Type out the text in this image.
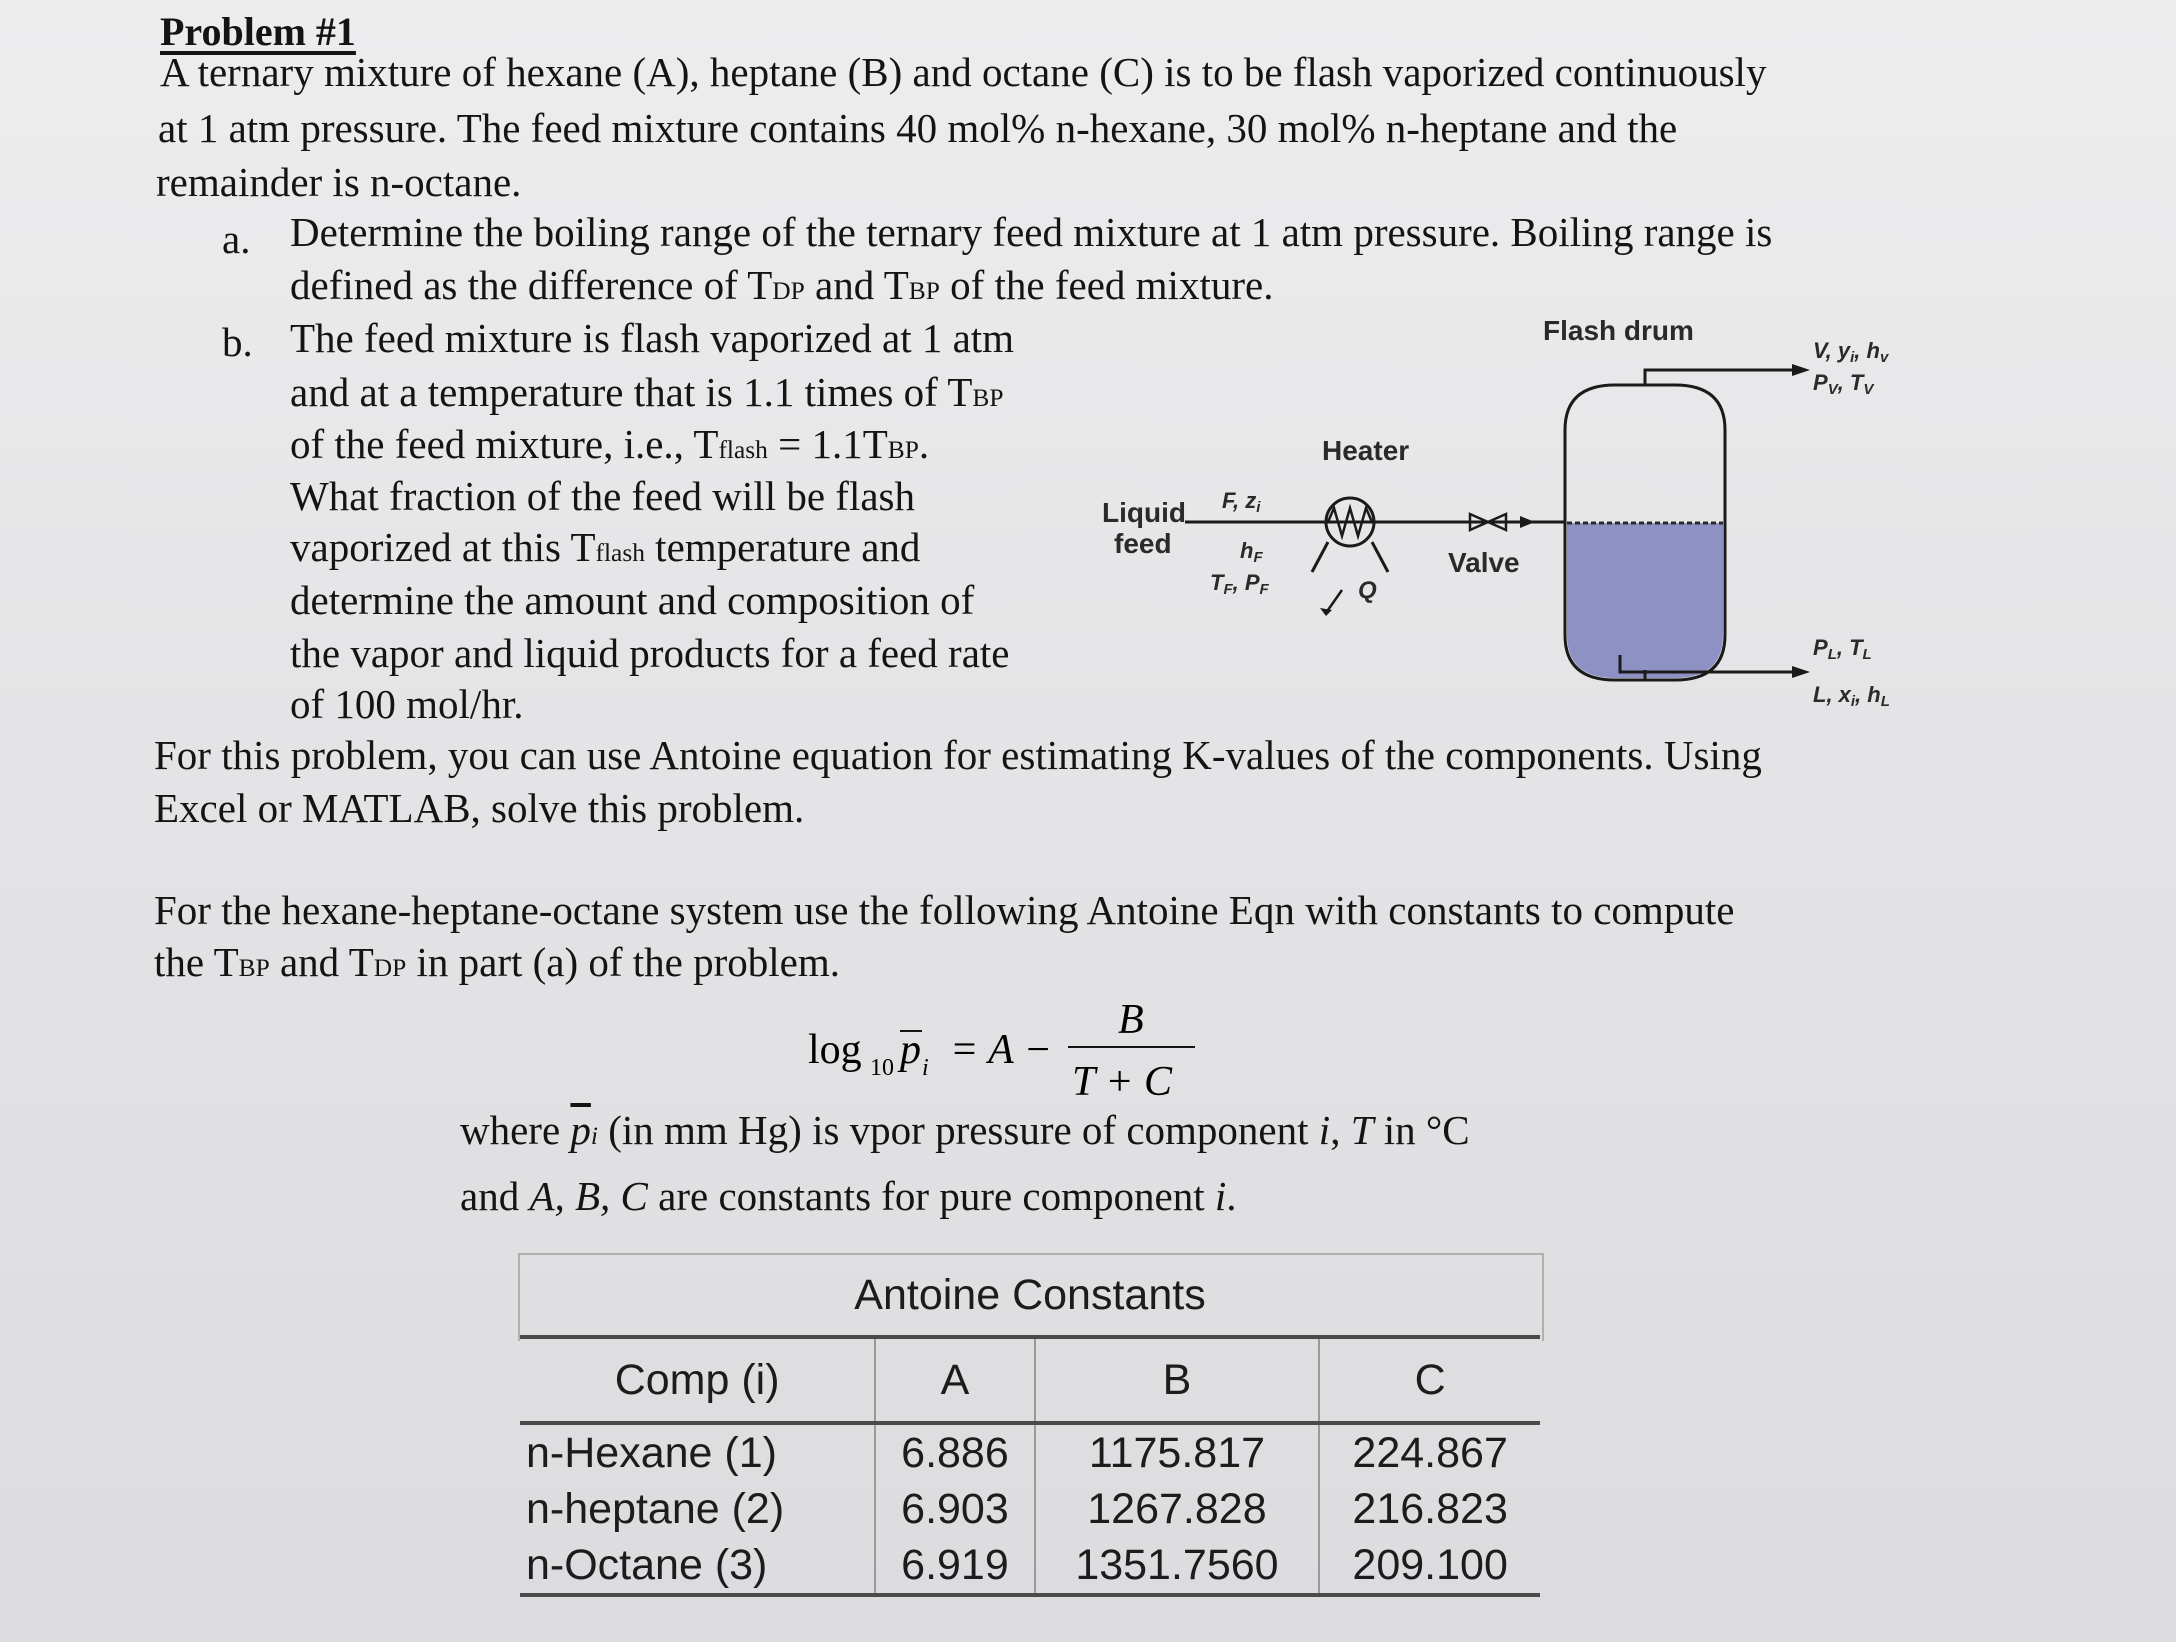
Problem #1
A ternary mixture of hexane (A), heptane (B) and octane (C) is to be flash vaporized continuously
at 1 atm pressure. The feed mixture contains 40 mol% n-hexane, 30 mol% n-heptane and the
remainder is n-octane.
a. Determine the boiling range of the ternary feed mixture at 1 atm pressure. Boiling range is
defined as the difference of TDP and TBP of the feed mixture.
b. The feed mixture is flash vaporized at 1 atm
and at a temperature that is 1.1 times of TBP
of the feed mixture, i.e., Tflash = 1.1TBP.
What fraction of the feed will be flash
vaporized at this Tflash temperature and
determine the amount and composition of
the vapor and liquid products for a feed rate
of 100 mol/hr.
Flash drum
Heater
Liquid
feed
Valve
Q
F, zi
hF
TF, PF
V, yi, hv
PV, TV
PL, TL
L, xi, hL
For this problem, you can use Antoine equation for estimating K-values of the components. Using
Excel or MATLAB, solve this problem.
For the hexane-heptane-octane system use the following Antoine Eqn with constants to compute
the TBP and TDP in part (a) of the problem.
log 10 p i = A −
B
T + C
where $\overline{p}i$ (in mm Hg) is vpor pressure of component i, T in °C
and A, B, C are constants for pure component i.
Antoine Constants			
Comp (i)	A	B	C
n-Hexane (1)	6.886	1175.817	224.867
n-heptane (2)	6.903	1267.828	216.823
n-Octane (3)	6.919	1351.7560	209.100
